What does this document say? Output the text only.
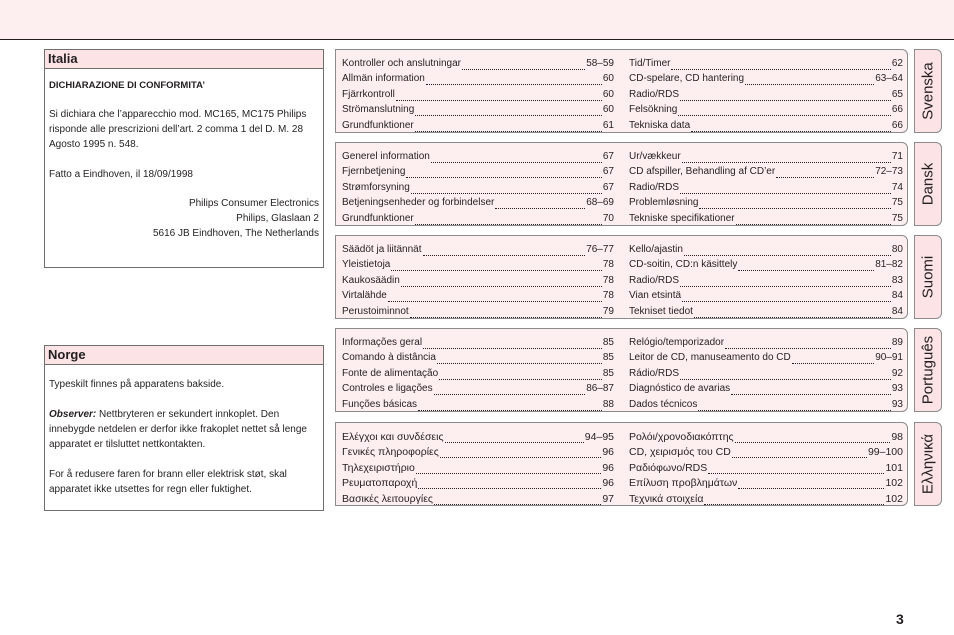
Italia

DICHIARAZIONE DI CONFORMITA’

Si dichiara che l’apparecchio mod. MC165, MC175 Philips risponde alle prescrizioni dell’art. 2 comma 1 del D. M. 28 Agosto 1995 n. 548.

Fatto a Eindhoven, il 18/09/1998

Philips Consumer Electronics

Philips, Glaslaan 2

5616 JB Eindhoven, The Netherlands

Norge

Typeskilt finnes på apparatens bakside.

Observer: Nettbryteren er sekundert innkoplet. Den innebygde netdelen er derfor ikke frakoplet nettet så lenge apparatet er tilsluttet nettkontakten.

For å redusere faren for brann eller elektrisk støt, skal apparatet ikke utsettes for regn eller fuktighet.

Kontroller och anslutningar	58–59
Allmän information	60
Fjärrkontroll	60
Strömanslutning	60
Grundfunktioner	61
Tid/Timer	62
CD-spelare, CD hantering	63–64
Radio/RDS	65
Felsökning	66
Tekniska data	66
Generel information	67
Fjernbetjening	67
Strømforsyning	67
Betjeningsenheder og forbindelser	68–69
Grundfunktioner	70
Ur/vækkeur	71
CD afspiller, Behandling af CD’er	72–73
Radio/RDS	74
Problemløsning	75
Tekniske specifikationer	75
Säädöt ja liitännät	76–77
Yleistietoja	78
Kaukosäädin	78
Virtalähde	78
Perustoiminnot	79
Kello/ajastin	80
CD-soitin, CD:n käsittely	81–82
Radio/RDS	83
Vian etsintä	84
Tekniset tiedot	84
Informações geral	85
Comando à distância	85
Fonte de alimentação	85
Controles e ligações	86–87
Funções básicas	88
Relógio/temporizador	89
Leitor de CD, manuseamento do CD	90–91
Rádio/RDS	92
Diagnóstico de avarias	93
Dados técnicos	93
Ελέγχοι και συνδέσεις	94–95
Γενικές πληροφορίες	96
Τηλεχειριστήριο	96
Ρευματοπαροχή	96
Βασικές λειτουργίες	97
Ρολόι/χρονοδιακόπτης	98
CD, χειρισμός του CD	99–100
Ραδιόφωνο/RDS	101
Επίλυση προβλημάτων	102
Τεχνικά στοιχεία	102
Svenska
Dansk
Suomi
Português
Ελληνικά
3
